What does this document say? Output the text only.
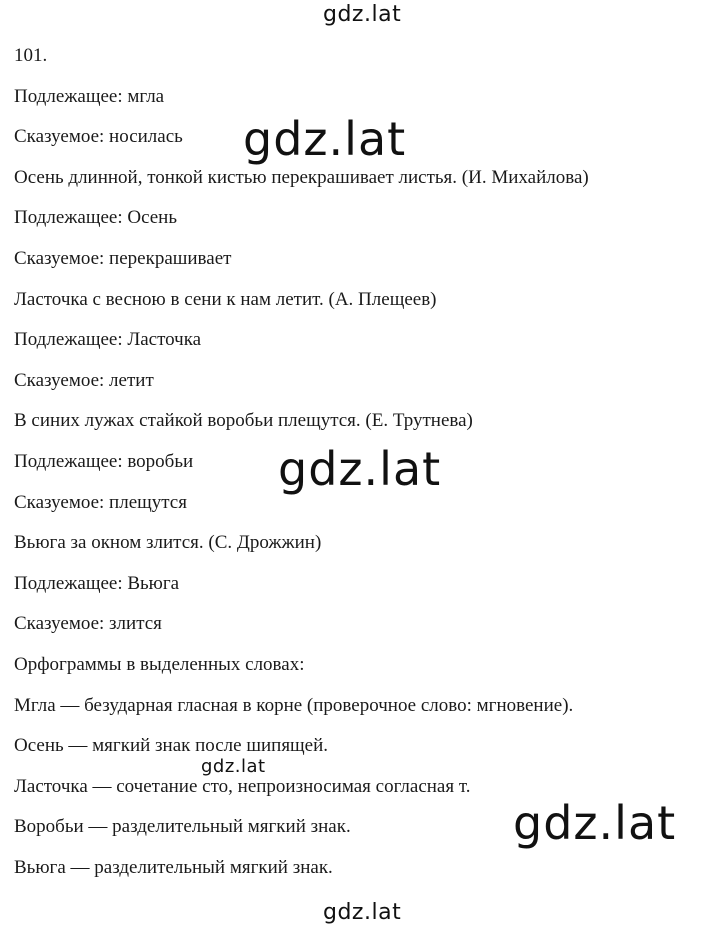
gdz.lat
101.
Подлежащее: мгла
Сказуемое: носилась
Осень длинной, тонкой кистью перекрашивает листья. (И. Михайлова)
Подлежащее: Осень
Сказуемое: перекрашивает
Ласточка с весною в сени к нам летит. (А. Плещеев)
Подлежащее: Ласточка
Сказуемое: летит
В синих лужах стайкой воробьи плещутся. (Е. Трутнева)
Подлежащее: воробьи
Сказуемое: плещутся
Вьюга за окном злится. (С. Дрожжин)
Подлежащее: Вьюга
Сказуемое: злится
Орфограммы в выделенных словах:
Мгла — безударная гласная в корне (проверочное слово: мгновение).
Осень — мягкий знак после шипящей.
Ласточка — сочетание сто, непроизносимая согласная т.
Воробьи — разделительный мягкий знак.
Вьюга — разделительный мягкий знак.
gdz.lat
gdz.lat
gdz.lat
gdz.lat
gdz.lat
